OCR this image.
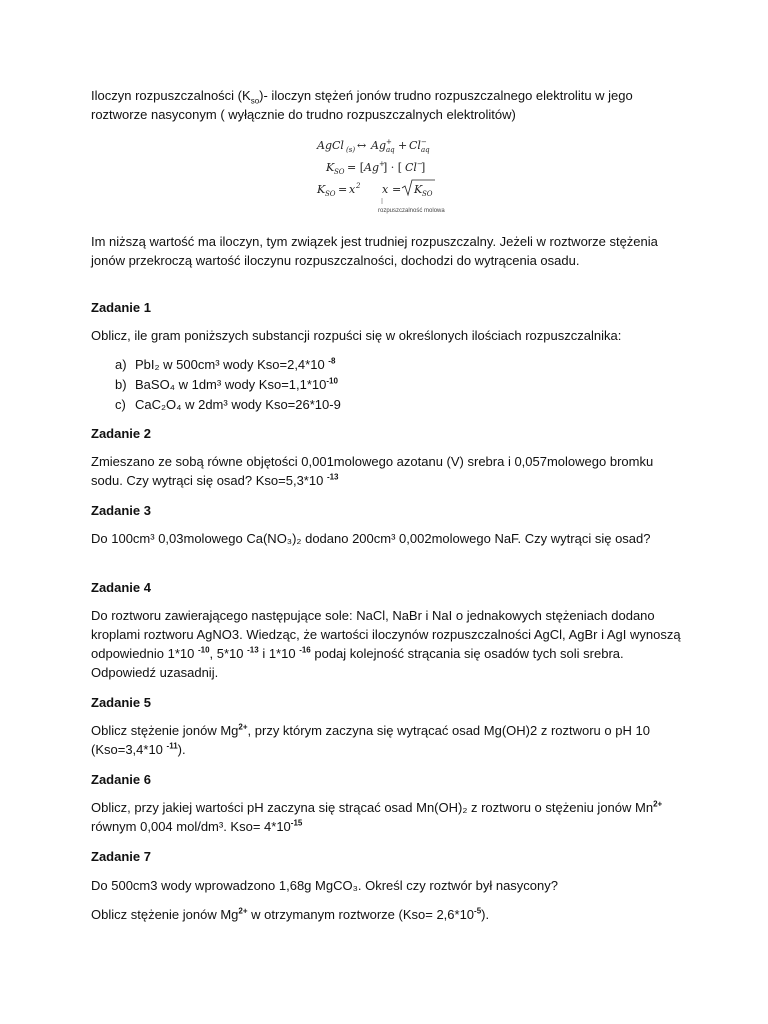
Iloczyn rozpuszczalności $(K_{so})-$ iloczyn stężeń jonów trudno rozpuszczalnego elektrolitu w jego roztworze nasyconym ( wyłącznie do trudno rozpuszczalnych elektrolitów)

AgCl (s) ↔ Ag +
aq + Cl −
aq
K SO = [ Ag +
] · [ Cl −
]
K SO = x 2 x = K SO
rozpuszczalność molowa

Im niższą wartość ma iloczyn, tym związek jest trudniej rozpuszczalny. Jeżeli w roztworze stężenia jonów przekroczą wartość iloczynu rozpuszczalności, dochodzi do wytrącenia osadu.

Zadanie 1

Oblicz, ile gram poniższych substancji rozpuści się w określonych ilościach rozpuszczalnika:

a) PbI₂ w 500cm³ wody Kso=2,4*10 $^{-8}$
b) BaSO₄ w 1dm³ wody $Kso=1,1*10^{-10}$
c) CaC₂O₄ w 2dm³ wody Kso=26*10-9

Zadanie 2

Zmieszano ze sobą równe objętości 0,001molowego azotanu (V) srebra i 0,057molowego bromku sodu. Czy wytrąci się osad? Kso=5,3*10 $^{-13}$

Zadanie 3

Do 100cm³ 0,03molowego Ca(NO₃)₂ dodano 200cm³ 0,002molowego NaF. Czy wytrąci się osad?

Zadanie 4

Do roztworu zawierającego następujące sole: NaCl, NaBr i NaI o jednakowych stężeniach dodano kroplami roztworu AgNO3. Wiedząc, że wartości iloczynów rozpuszczalności AgCl, AgBr i AgI wynoszą odpowiednio 1*10 $^{-10}$, 5*10 $^{-13}$ i 1*10 $^{-16}$ podaj kolejność strącania się osadów tych soli srebra. Odpowiedź uzasadnij.

Zadanie 5

Oblicz stężenie jonów $Mg^{2+}$, przy którym zaczyna się wytrącać osad Mg(OH)2 z roztworu o pH 10 (Kso=3,4*10 $^{-11}$).

Zadanie 6

Oblicz, przy jakiej wartości pH zaczyna się strącać osad Mn(OH)₂ z roztworu o stężeniu jonów $Mn^{2+}$ równym 0,004 mol/dm³. $Kso= 4*10^{-15}$

Zadanie 7

Do 500cm3 wody wprowadzono 1,68g MgCO₃. Określ czy roztwór był nasycony?

Oblicz stężenie jonów $Mg^{2+}$ w otrzymanym roztworze $(Kso= 2,6*10^{-5})$.
